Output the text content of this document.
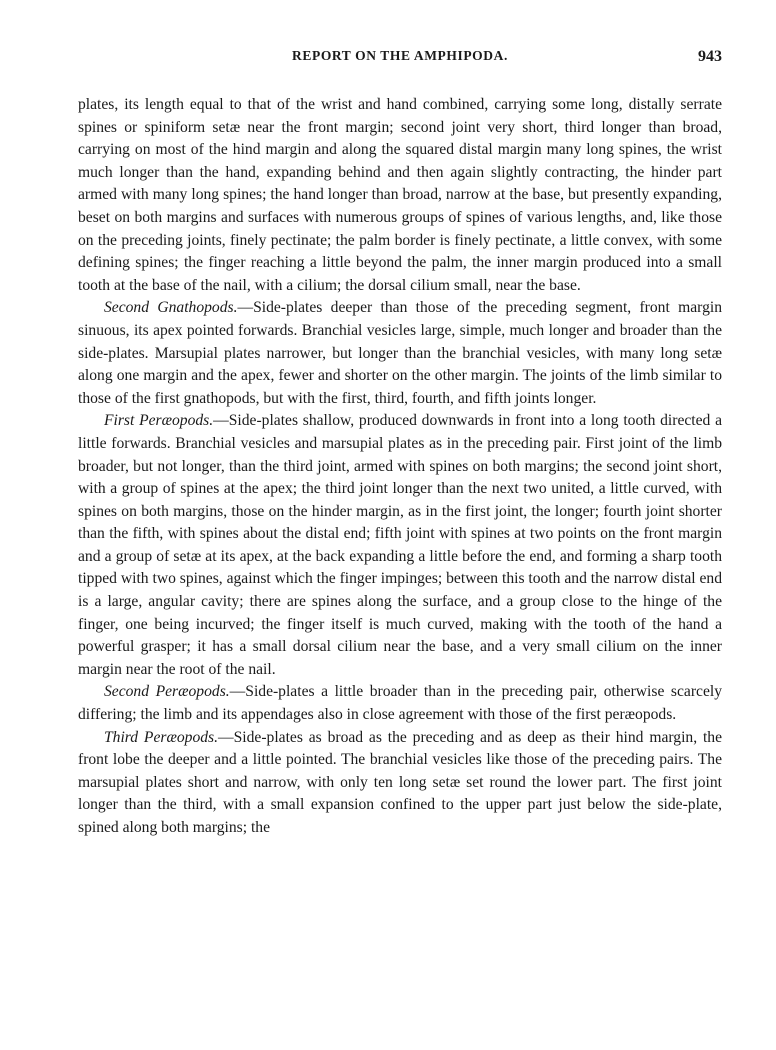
REPORT ON THE AMPHIPODA.	943

plates, its length equal to that of the wrist and hand combined, carrying some long, distally serrate spines or spiniform setæ near the front margin; second joint very short, third longer than broad, carrying on most of the hind margin and along the squared distal margin many long spines, the wrist much longer than the hand, expanding behind and then again slightly contracting, the hinder part armed with many long spines; the hand longer than broad, narrow at the base, but presently expanding, beset on both margins and surfaces with numerous groups of spines of various lengths, and, like those on the preceding joints, finely pectinate; the palm border is finely pectinate, a little convex, with some defining spines; the finger reaching a little beyond the palm, the inner margin produced into a small tooth at the base of the nail, with a cilium; the dorsal cilium small, near the base.

Second Gnathopods.—Side-plates deeper than those of the preceding segment, front margin sinuous, its apex pointed forwards. Branchial vesicles large, simple, much longer and broader than the side-plates. Marsupial plates narrower, but longer than the branchial vesicles, with many long setæ along one margin and the apex, fewer and shorter on the other margin. The joints of the limb similar to those of the first gnathopods, but with the first, third, fourth, and fifth joints longer.

First Peræopods.—Side-plates shallow, produced downwards in front into a long tooth directed a little forwards. Branchial vesicles and marsupial plates as in the preceding pair. First joint of the limb broader, but not longer, than the third joint, armed with spines on both margins; the second joint short, with a group of spines at the apex; the third joint longer than the next two united, a little curved, with spines on both margins, those on the hinder margin, as in the first joint, the longer; fourth joint shorter than the fifth, with spines about the distal end; fifth joint with spines at two points on the front margin and a group of setæ at its apex, at the back expanding a little before the end, and forming a sharp tooth tipped with two spines, against which the finger impinges; between this tooth and the narrow distal end is a large, angular cavity; there are spines along the surface, and a group close to the hinge of the finger, one being incurved; the finger itself is much curved, making with the tooth of the hand a powerful grasper; it has a small dorsal cilium near the base, and a very small cilium on the inner margin near the root of the nail.

Second Peræopods.—Side-plates a little broader than in the preceding pair, otherwise scarcely differing; the limb and its appendages also in close agreement with those of the first peræopods.

Third Peræopods.—Side-plates as broad as the preceding and as deep as their hind margin, the front lobe the deeper and a little pointed. The branchial vesicles like those of the preceding pairs. The marsupial plates short and narrow, with only ten long setæ set round the lower part. The first joint longer than the third, with a small expansion confined to the upper part just below the side-plate, spined along both margins; the
